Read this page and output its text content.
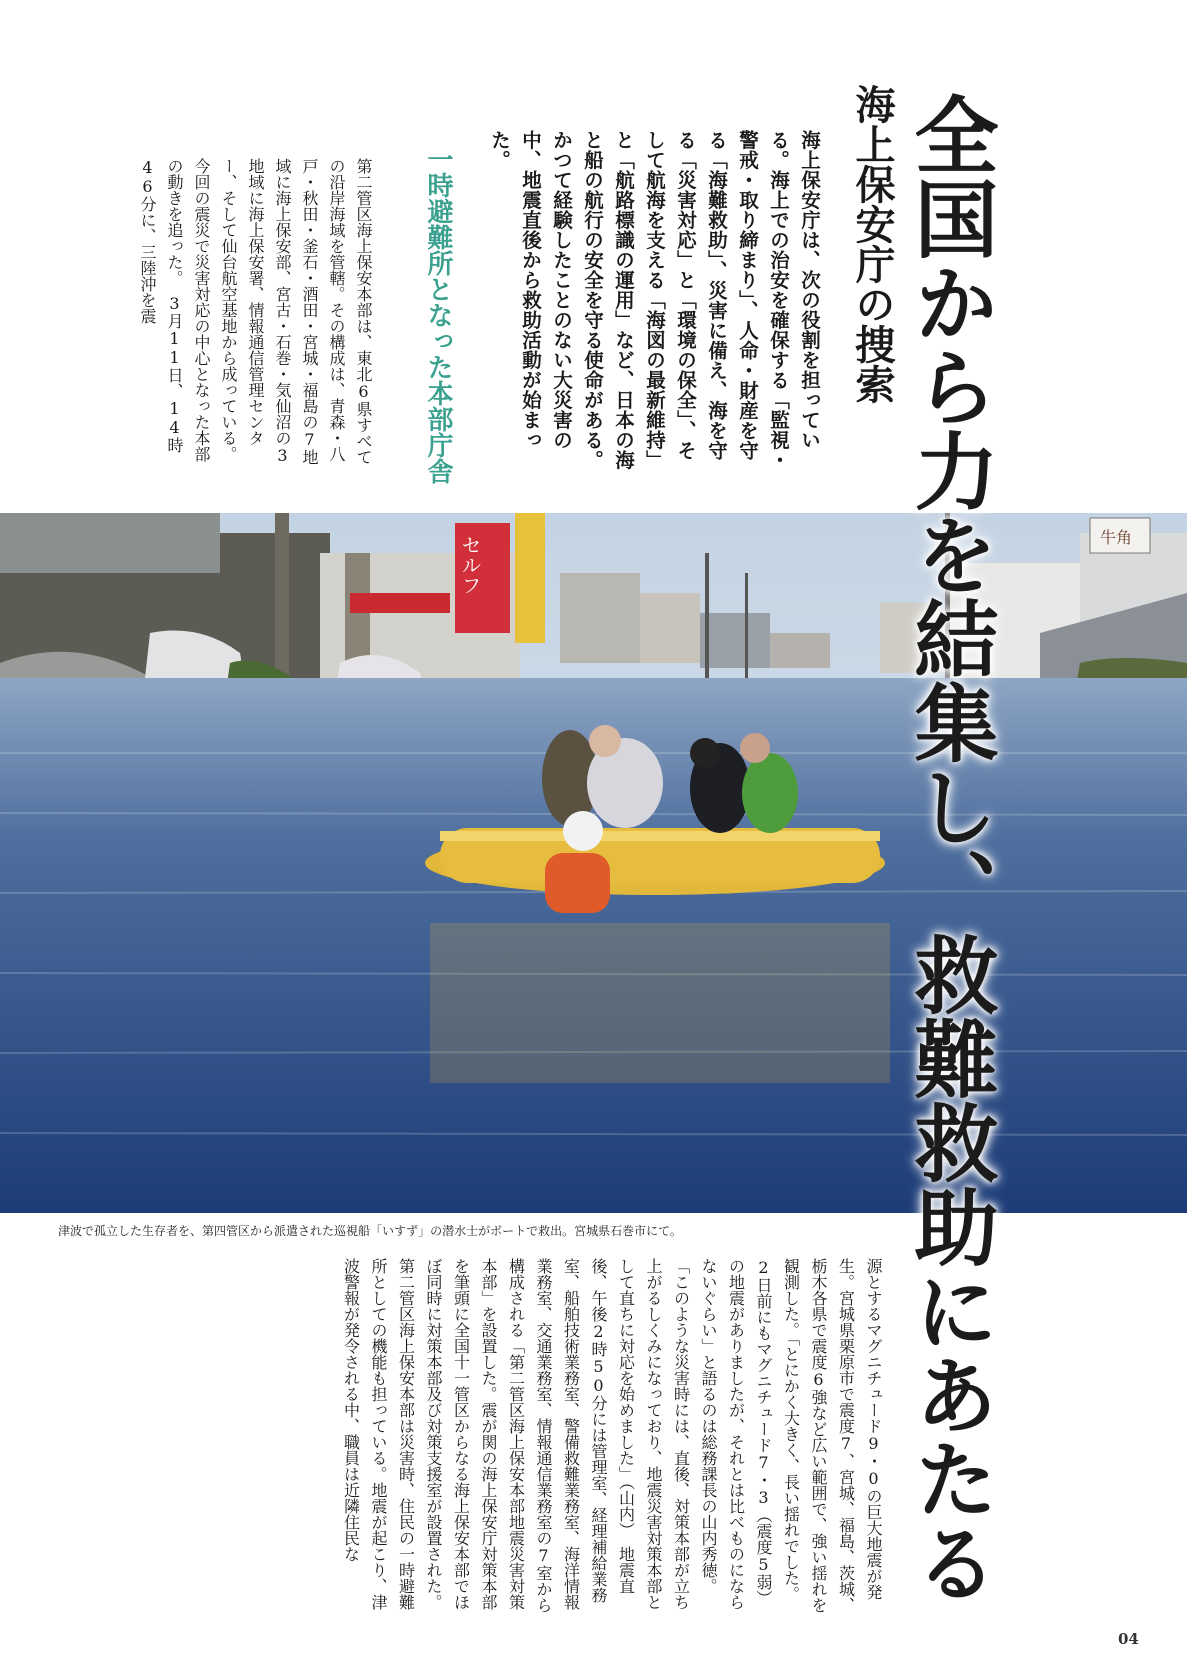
牛角
セルフ	全国から力を結集し、救難救助にあたる
海上保安庁の捜索
海上保安庁は、次の役割を担っている。海上での治安を確保する「監視・警戒・取り締まり」、人命・財産を守る「海難救助」、災害に備え、海を守る「災害対応」と「環境の保全」、そして航海を支える「海図の最新維持」と「航路標識の運用」など、日本の海と船の航行の安全を守る使命がある。かつて経験したことのない大災害の中、地震直後から救助活動が始まった。
一時避難所となった本部庁舎
第二管区海上保安本部は、東北6県すべての沿岸海域を管轄。その構成は、青森・八戸・秋田・釜石・酒田・宮城・福島の7地域に海上保安部、宮古・石巻・気仙沼の3地域に海上保安署、情報通信管理センター、そして仙台航空基地から成っている。今回の震災で災害対応の中心となった本部の動きを追った。　3月11日、14時46分に、三陸沖を震
津波で孤立した生存者を、第四管区から派遣された巡視船「いすず」の潜水士がボートで救出。宮城県石巻市にて。
源とするマグニチュード9・0の巨大地震が発生。宮城県栗原市で震度7、宮城、福島、茨城、栃木各県で震度6強など広い範囲で、強い揺れを観測した。「とにかく大きく、長い揺れでした。2日前にもマグニチュード7・3（震度5弱）の地震がありましたが、それとは比べものにならないぐらい」と語るのは総務課長の山内秀徳。「このような災害時には、直後、対策本部が立ち上がるしくみになっており、地震災害対策本部として直ちに対応を始めました」（山内）　地震直後、午後2時50分には管理室、経理補給業務室、船舶技術業務室、警備救難業務室、海洋情報業務室、交通業務室、情報通信業務室の7室から構成される「第二管区海上保安本部地震災害対策本部」を設置した。震が関の海上保安庁対策本部を筆頭に全国十一管区からなる海上保安本部でほぼ同時に対策本部及び対策支援室が設置された。　第二管区海上保安本部は災害時、住民の一時避難所としての機能も担っている。地震が起こり、津波警報が発令される中、職員は近隣住民な
04
